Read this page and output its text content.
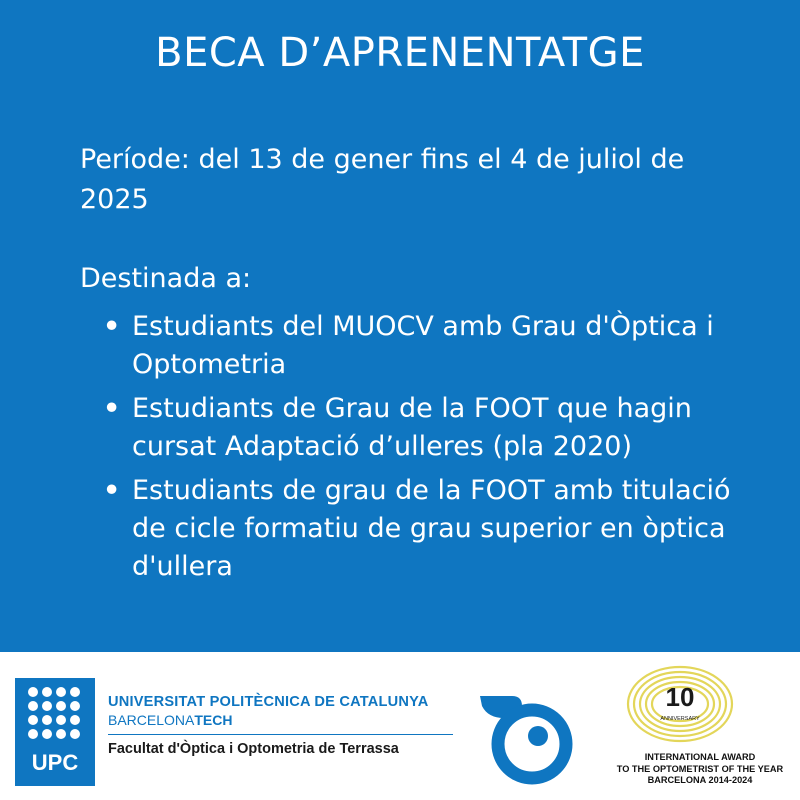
BECA D’APRENENTATGE
Període: del 13 de gener fins el 4 de juliol de 2025
Destinada a:
• Estudiants del MUOCV amb Grau d'Òptica i Optometria
• Estudiants de Grau de la FOOT que hagin cursat Adaptació d’ulleres (pla 2020)
• Estudiants de grau de la FOOT amb titulació de cicle formatiu de grau superior en òptica d'ullera
UPC
UNIVERSITAT POLITÈCNICA DE CATALUNYA
BARCELONATECH
Facultat d'Òptica i Optometria de Terrassa
10
ANNIVERSARY
INTERNATIONAL AWARD
TO THE OPTOMETRIST OF THE YEAR
BARCELONA 2014-2024
